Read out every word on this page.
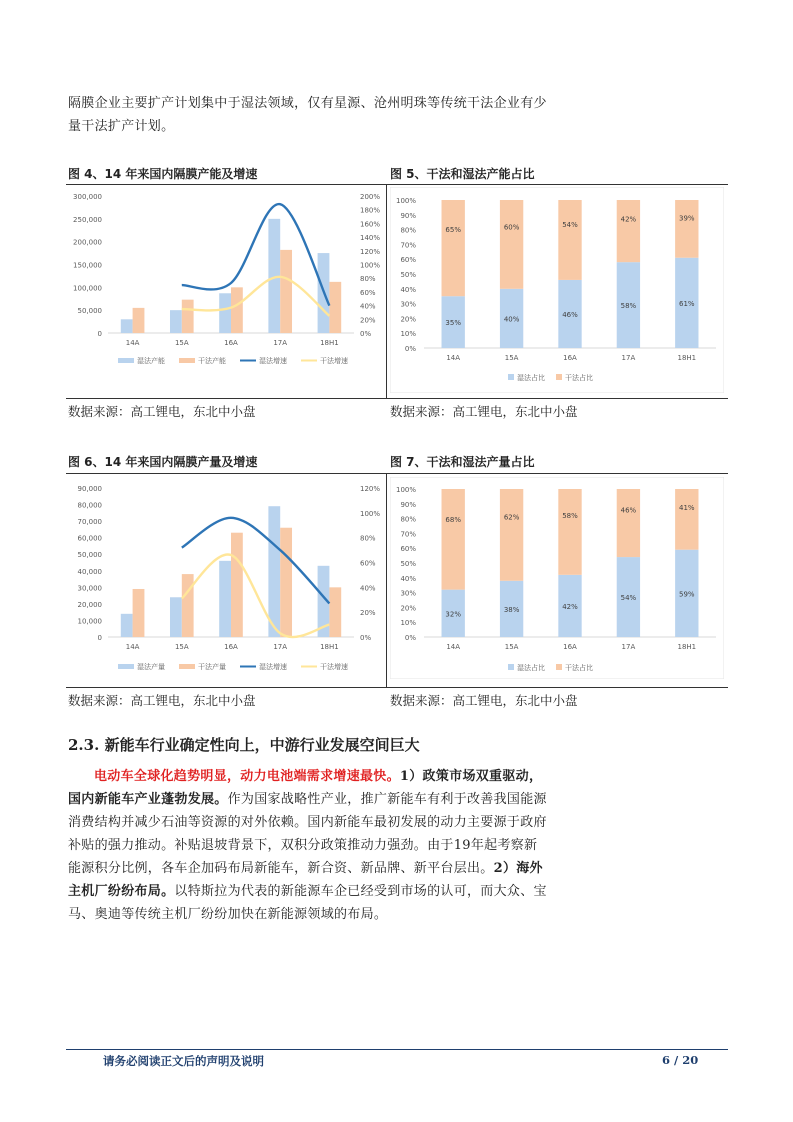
隔膜企业主要扩产计划集中于湿法领域，仅有星源、沧州明珠等传统干法企业有少
量干法扩产计划。
图 4、14 年来国内隔膜产能及增速	图 5、干法和湿法产能占比
0
50,000
100,000
150,000
200,000
250,000
300,000
0%
20%
40%
60%
80%
100%
120%
140%
160%
180%
200%
14A	15A	16A	17A	18H1
湿法产能	干法产能	湿法增速	干法增速
0%
10%
20%
30%
40%
50%
60%
70%
80%
90%
100%
35%
65%
14A
40%
60%
15A
46%
54%
16A
58%
42%
17A
61%
39%
18H1
湿法占比	干法占比
数据来源：高工锂电，东北中小盘	数据来源：高工锂电，东北中小盘
图 6、14 年来国内隔膜产量及增速	图 7、干法和湿法产量占比
0
10,000
20,000
30,000
40,000
50,000
60,000
70,000
80,000
90,000
0%
20%
40%
60%
80%
100%
120%
14A	15A	16A	17A	18H1
湿法产量	干法产量	湿法增速	干法增速
0%
10%
20%
30%
40%
50%
60%
70%
80%
90%
100%
32%
68%
14A
38%
62%
15A
42%
58%
16A
54%
46%
17A
59%
41%
18H1
湿法占比	干法占比
数据来源：高工锂电，东北中小盘	数据来源：高工锂电，东北中小盘
2.3. 新能车行业确定性向上，中游行业发展空间巨大
电动车全球化趋势明显，动力电池端需求增速最快。1）政策市场双重驱动，
国内新能车产业蓬勃发展。作为国家战略性产业，推广新能车有利于改善我国能源
消费结构并减少石油等资源的对外依赖。国内新能车最初发展的动力主要源于政府
补贴的强力推动。补贴退坡背景下，双积分政策推动力强劲。由于19年起考察新
能源积分比例，各车企加码布局新能车，新合资、新品牌、新平台层出。2）海外
主机厂纷纷布局。以特斯拉为代表的新能源车企已经受到市场的认可，而大众、宝
马、奥迪等传统主机厂纷纷加快在新能源领域的布局。
请务必阅读正文后的声明及说明	6 / 20
